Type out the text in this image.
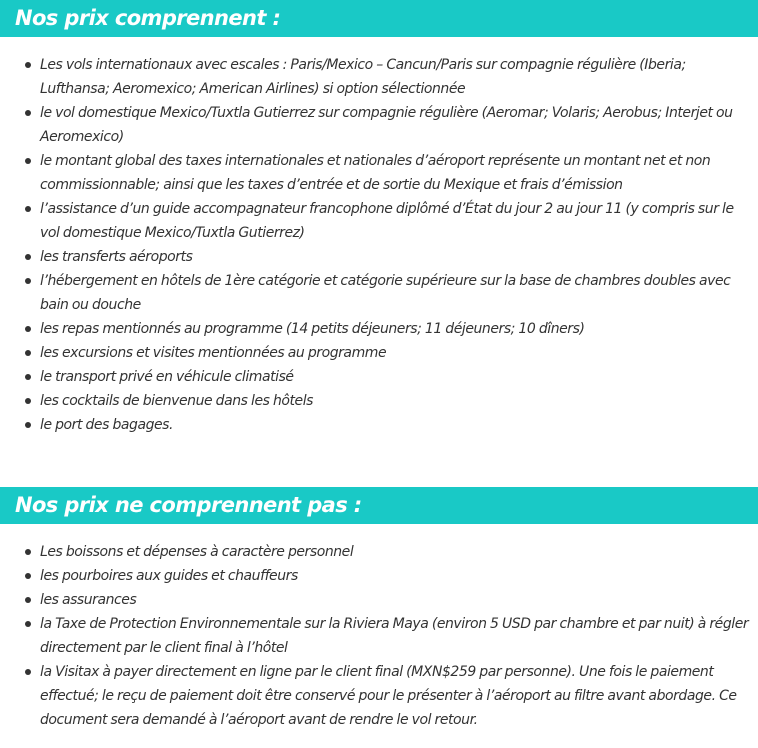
Nos prix comprennent :
Les vols internationaux avec escales : Paris/Mexico – Cancun/Paris sur compagnie régulière (Iberia; Lufthansa; Aeromexico; American Airlines) si option sélectionnée
le vol domestique Mexico/Tuxtla Gutierrez sur compagnie régulière (Aeromar; Volaris; Aerobus; Interjet ou Aeromexico)
le montant global des taxes internationales et nationales d’aéroport représente un montant net et non commissionnable; ainsi que les taxes d’entrée et de sortie du Mexique et frais d’émission
l’assistance d’un guide accompagnateur francophone diplômé d’État du jour 2 au jour 11 (y compris sur le vol domestique Mexico/Tuxtla Gutierrez)
les transferts aéroports
l’hébergement en hôtels de 1ère catégorie et catégorie supérieure sur la base de chambres doubles avec bain ou douche
les repas mentionnés au programme (14 petits déjeuners; 11 déjeuners; 10 dîners)
les excursions et visites mentionnées au programme
le transport privé en véhicule climatisé
les cocktails de bienvenue dans les hôtels
le port des bagages.
Nos prix ne comprennent pas :
Les boissons et dépenses à caractère personnel
les pourboires aux guides et chauffeurs
les assurances
la Taxe de Protection Environnementale sur la Riviera Maya (environ 5 USD par chambre et par nuit) à régler directement par le client final à l’hôtel
la Visitax à payer directement en ligne par le client final (MXN$259 par personne). Une fois le paiement effectué; le reçu de paiement doit être conservé pour le présenter à l’aéroport au filtre avant abordage. Ce document sera demandé à l’aéroport avant de rendre le vol retour.
